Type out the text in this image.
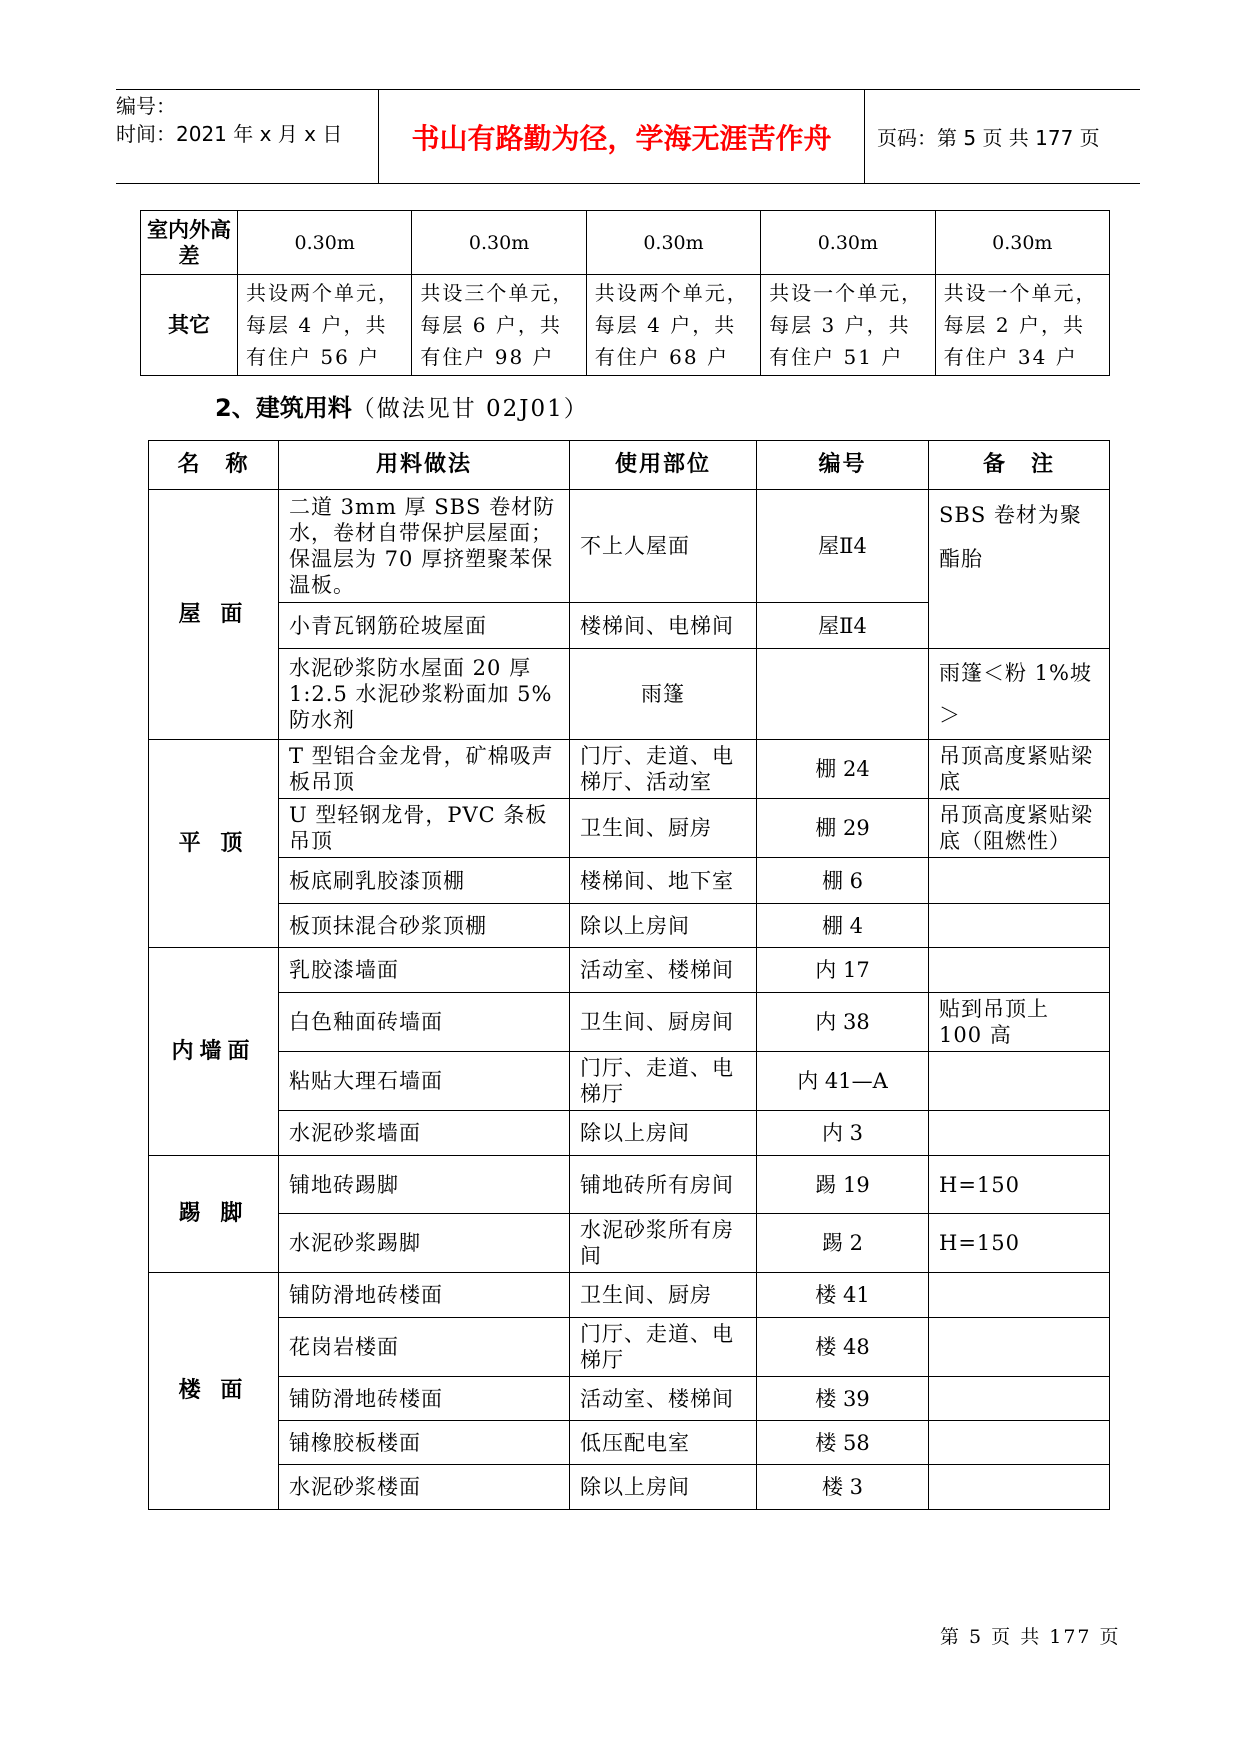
编号：
时间：2021 年 x 月 x 日	书山有路勤为径，学海无涯苦作舟	页码：第 5 页 共 177 页
室内外高差	0.30m	0.30m	0.30m	0.30m	0.30m
其它	共设两个单元，每层 4 户，共有住户 56 户	共设三个单元，每层 6 户，共有住户 98 户	共设两个单元，每层 4 户，共有住户 68 户	共设一个单元，每层 3 户，共有住户 51 户	共设一个单元，每层 2 户，共有住户 34 户
2、建筑用料（做法见甘 02J01）
名　称	用料做法	使用部位	编号	备　注
屋 面	二道 3mm 厚 SBS 卷材防水，卷材自带保护层屋面；保温层为 70 厚挤塑聚苯保温板。	不上人屋面	屋Ⅱ4	SBS 卷材为聚酯胎
	小青瓦钢筋砼坡屋面	楼梯间、电梯间	屋Ⅱ4	
	水泥砂浆防水屋面 20 厚 1:2.5 水泥砂浆粉面加 5%防水剂	雨篷		雨篷＜粉 1%坡＞
平 顶	T 型铝合金龙骨，矿棉吸声板吊顶	门厅、走道、电梯厅、活动室	棚 24	吊顶高度紧贴梁底
	U 型轻钢龙骨，PVC 条板吊顶	卫生间、厨房	棚 29	吊顶高度紧贴梁底（阻燃性）
	板底刷乳胶漆顶棚	楼梯间、地下室	棚 6	
	板顶抹混合砂浆顶棚	除以上房间	棚 4	
内墙面	乳胶漆墙面	活动室、楼梯间	内 17	
	白色釉面砖墙面	卫生间、厨房间	内 38	贴到吊顶上 100 高
	粘贴大理石墙面	门厅、走道、电梯厅	内 41—A	
	水泥砂浆墙面	除以上房间	内 3	
踢 脚	铺地砖踢脚	铺地砖所有房间	踢 19	H=150
	水泥砂浆踢脚	水泥砂浆所有房间	踢 2	H=150
楼 面	铺防滑地砖楼面	卫生间、厨房	楼 41	
	花岗岩楼面	门厅、走道、电梯厅	楼 48	
	铺防滑地砖楼面	活动室、楼梯间	楼 39	
	铺橡胶板楼面	低压配电室	楼 58	
	水泥砂浆楼面	除以上房间	楼 3	
第 5 页 共 177 页
